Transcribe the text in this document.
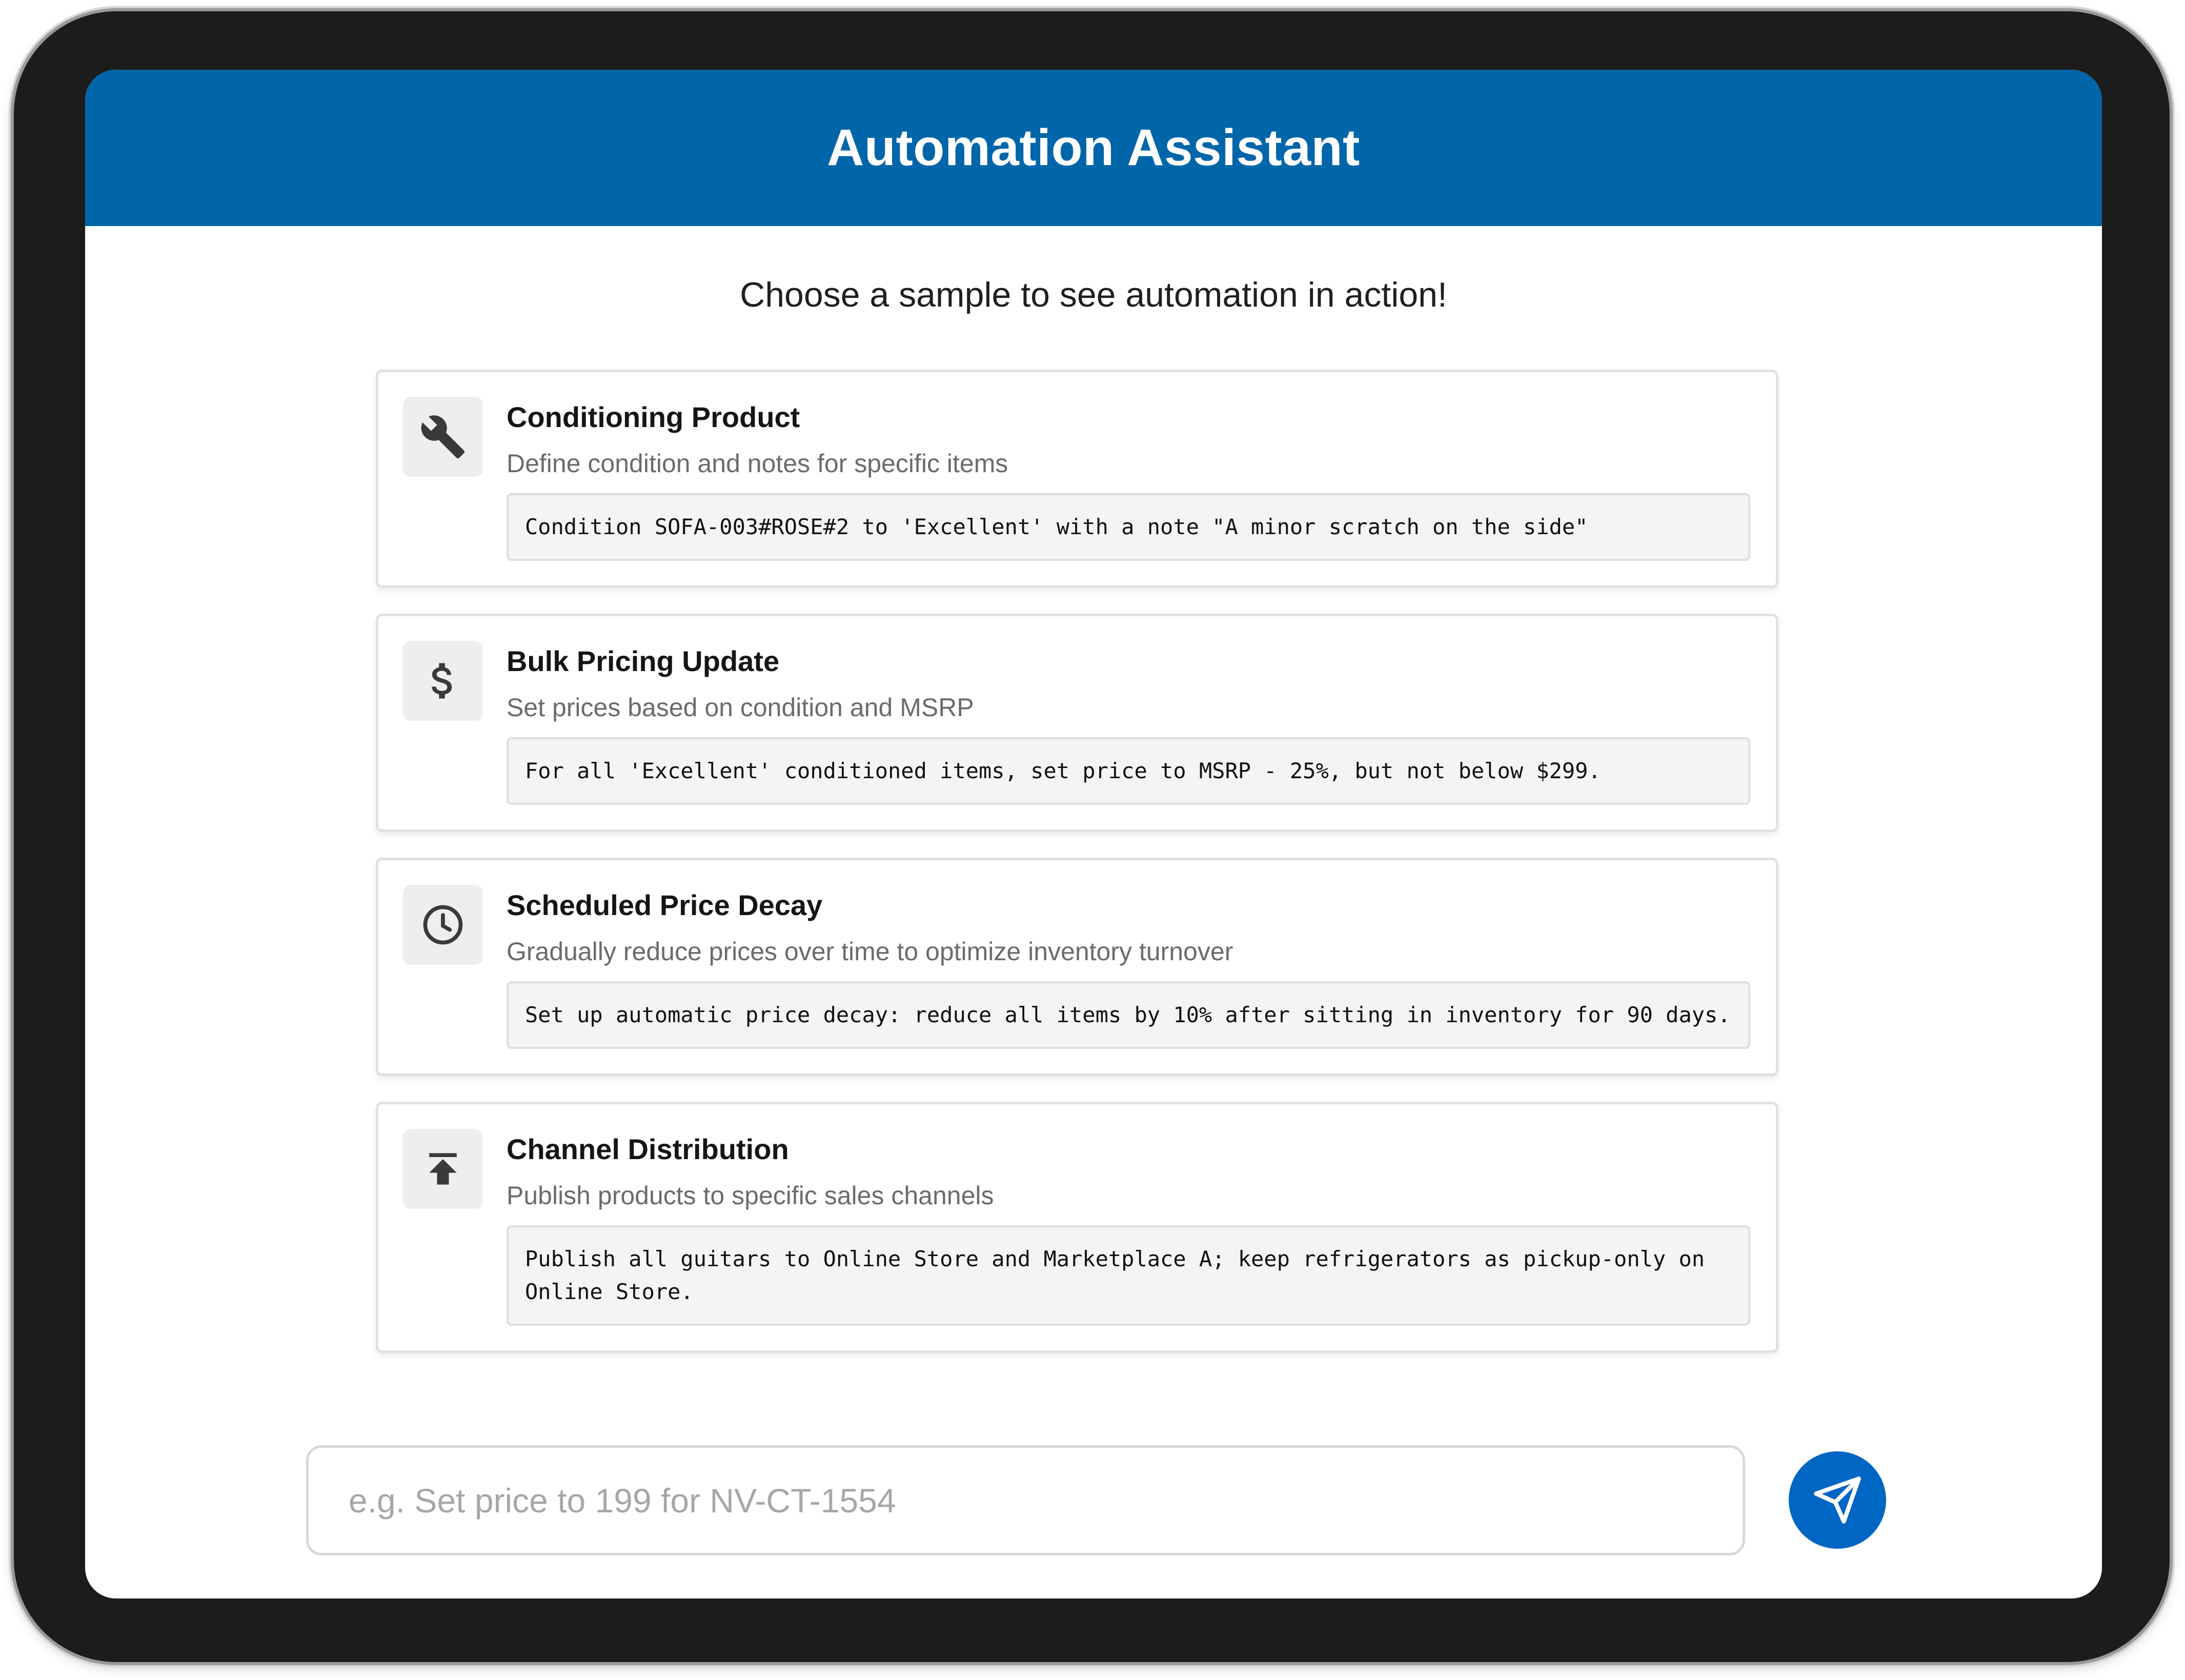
Automation Assistant
Choose a sample to see automation in action!
Conditioning Product
Define condition and notes for specific items
Condition SOFA-003#ROSE#2 to 'Excellent' with a note "A minor scratch on the side"
Bulk Pricing Update
Set prices based on condition and MSRP
For all 'Excellent' conditioned items, set price to MSRP - 25%, but not below $299.
Scheduled Price Decay
Gradually reduce prices over time to optimize inventory turnover
Set up automatic price decay: reduce all items by 10% after sitting in inventory for 90 days.
Channel Distribution
Publish products to specific sales channels
Publish all guitars to Online Store and Marketplace A; keep refrigerators as pickup-only on Online Store.
e.g. Set price to 199 for NV-CT-1554
